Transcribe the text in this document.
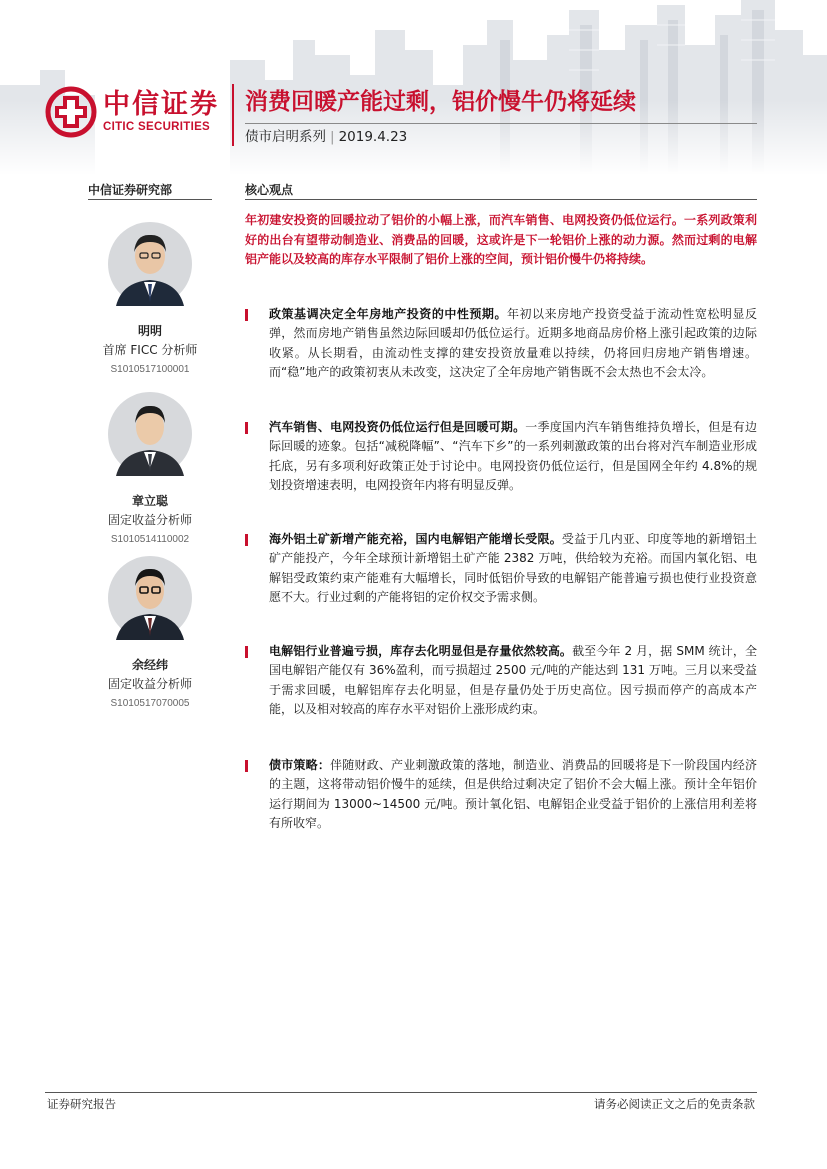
中信证券
CITIC SECURITIES
消费回暖产能过剩，铝价慢牛仍将延续
债市启明系列 | 2019.4.23
中信证券研究部
明明
首席 FICC 分析师
S1010517100001
章立聪
固定收益分析师
S1010514110002
余经纬
固定收益分析师
S1010517070005
核心观点
年初建安投资的回暖拉动了铝价的小幅上涨，而汽车销售、电网投资仍低位运行。一系列政策利好的出台有望带动制造业、消费品的回暖，这或许是下一轮铝价上涨的动力源。然而过剩的电解铝产能以及较高的库存水平限制了铝价上涨的空间，预计铝价慢牛仍将持续。
政策基调决定全年房地产投资的中性预期。年初以来房地产投资受益于流动性宽松明显反弹，然而房地产销售虽然边际回暖却仍低位运行。近期多地商品房价格上涨引起政策的边际收紧。从长期看，由流动性支撑的建安投资放量难以持续，仍将回归房地产销售增速。而“稳”地产的政策初衷从未改变，这决定了全年房地产销售既不会太热也不会太冷。
汽车销售、电网投资仍低位运行但是回暖可期。一季度国内汽车销售维持负增长，但是有边际回暖的迹象。包括“减税降幅”、“汽车下乡”的一系列刺激政策的出台将对汽车制造业形成托底，另有多项利好政策正处于讨论中。电网投资仍低位运行，但是国网全年约 4.8%的规划投资增速表明，电网投资年内将有明显反弹。
海外铝土矿新增产能充裕，国内电解铝产能增长受限。受益于几内亚、印度等地的新增铝土矿产能投产，今年全球预计新增铝土矿产能 2382 万吨，供给较为充裕。而国内氧化铝、电解铝受政策约束产能难有大幅增长，同时低铝价导致的电解铝产能普遍亏损也使行业投资意愿不大。行业过剩的产能将铝的定价权交予需求侧。
电解铝行业普遍亏损，库存去化明显但是存量依然较高。截至今年 2 月，据 SMM 统计，全国电解铝产能仅有 36%盈利，而亏损超过 2500 元/吨的产能达到 131 万吨。三月以来受益于需求回暖，电解铝库存去化明显，但是存量仍处于历史高位。因亏损而停产的高成本产能，以及相对较高的库存水平对铝价上涨形成约束。
债市策略：伴随财政、产业刺激政策的落地，制造业、消费品的回暖将是下一阶段国内经济的主题，这将带动铝价慢牛的延续，但是供给过剩决定了铝价不会大幅上涨。预计全年铝价运行期间为 13000~14500 元/吨。预计氧化铝、电解铝企业受益于铝价的上涨信用利差将有所收窄。
证券研究报告	请务必阅读正文之后的免责条款
